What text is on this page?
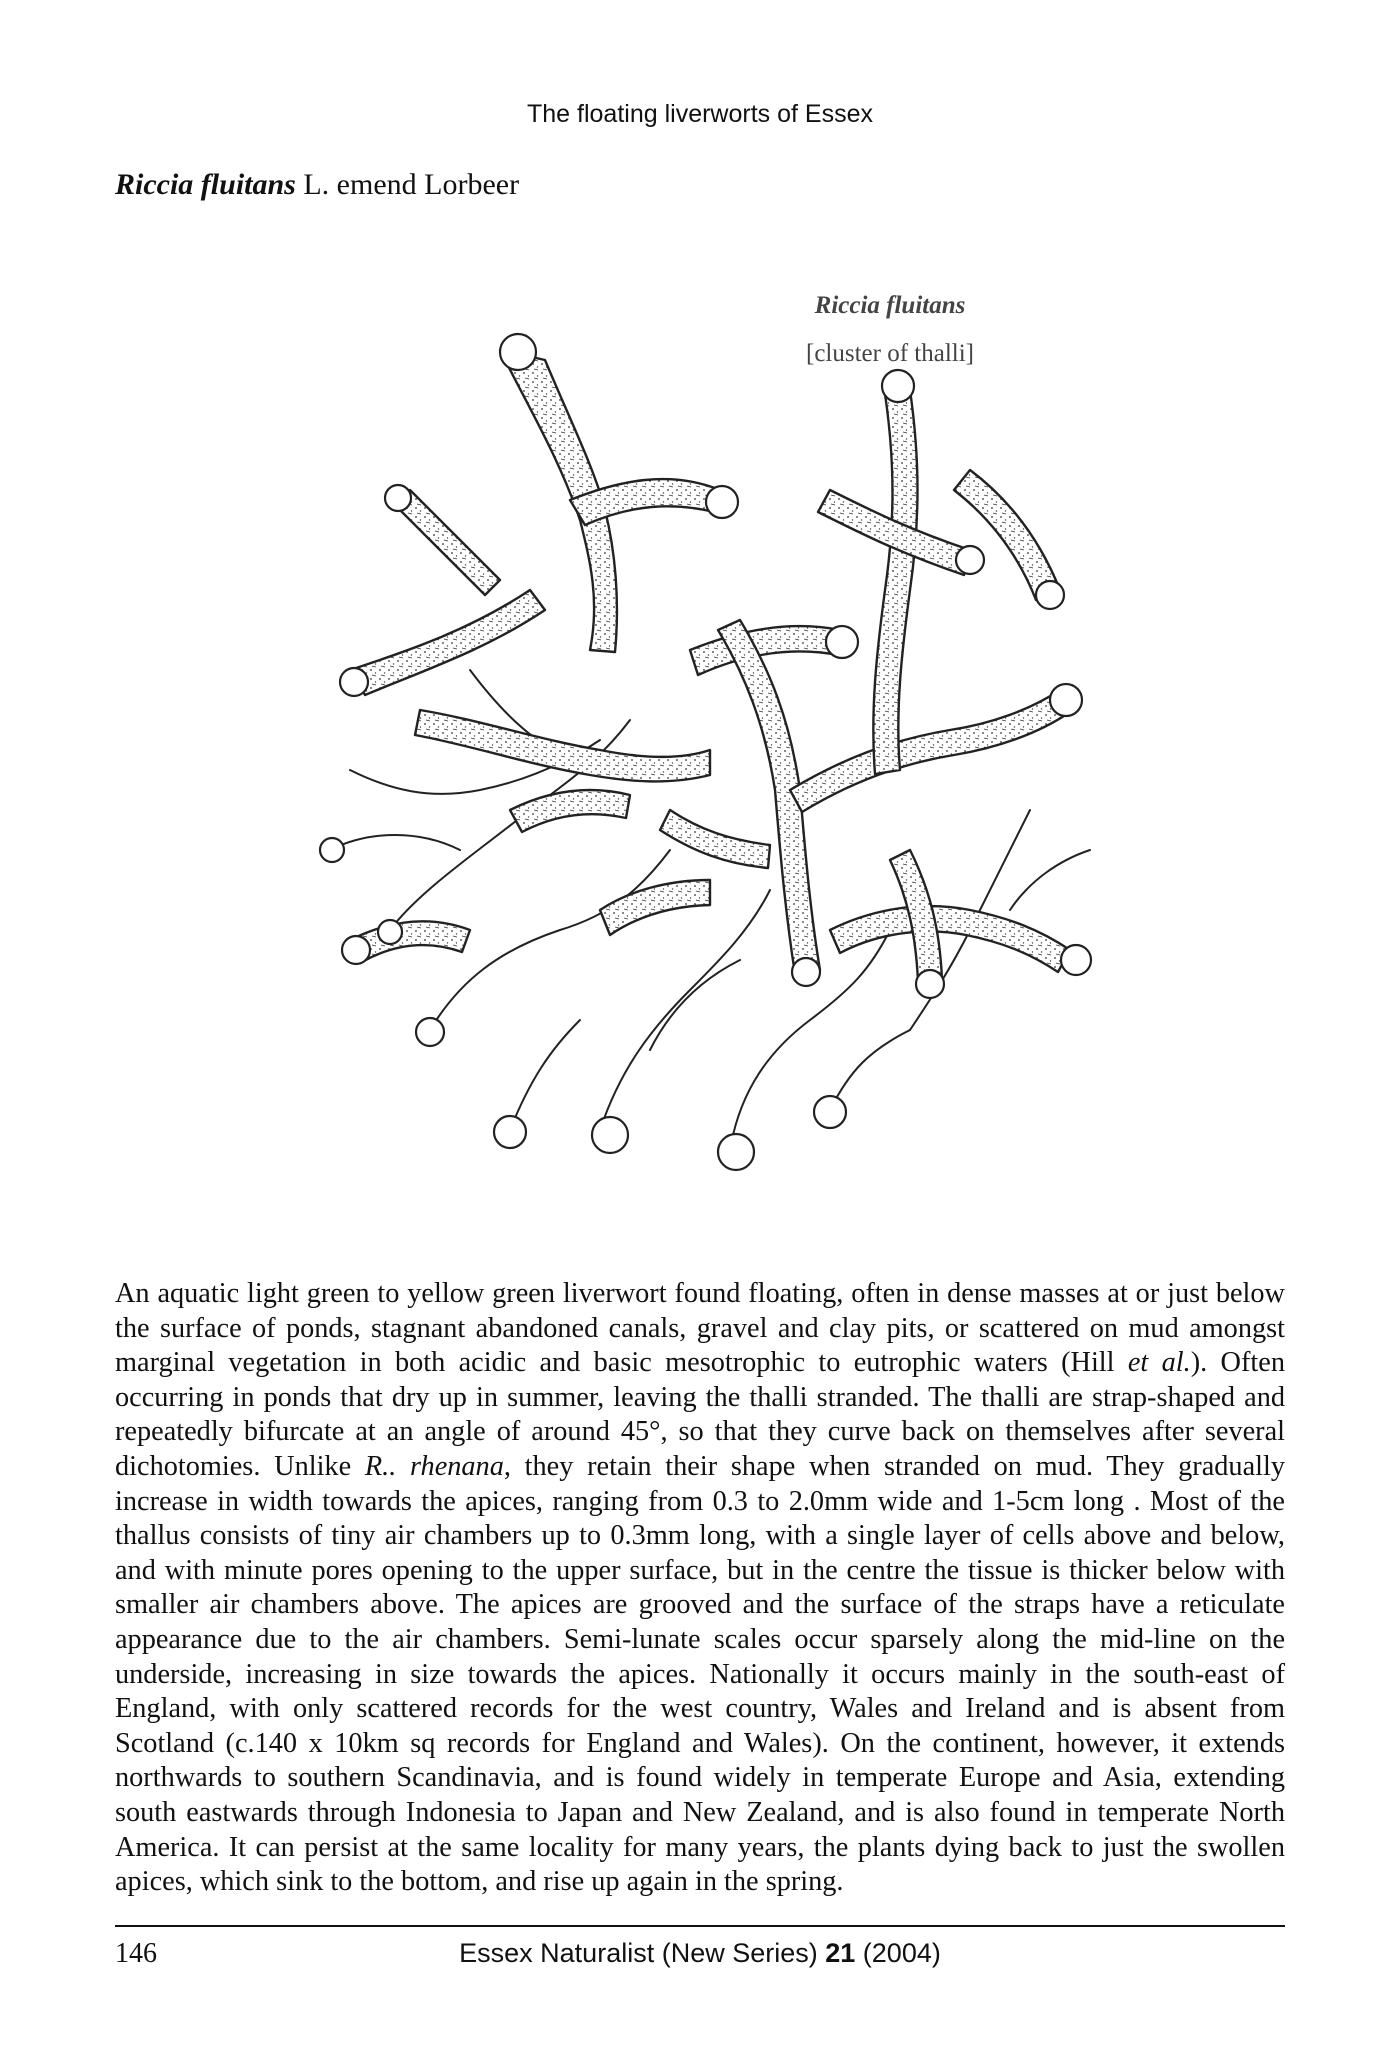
The floating liverworts of Essex
Riccia fluitans L. emend Lorbeer
Riccia fluitans
[cluster of thalli]
An aquatic light green to yellow green liverwort found floating, often in dense masses at or just below the surface of ponds, stagnant abandoned canals, gravel and clay pits, or scattered on mud amongst marginal vegetation in both acidic and basic mesotrophic to eutrophic waters (Hill et al.). Often occurring in ponds that dry up in summer, leaving the thalli stranded. The thalli are strap-shaped and repeatedly bifurcate at an angle of around 45°, so that they curve back on themselves after several dichotomies. Unlike R.. rhenana, they retain their shape when stranded on mud. They gradually increase in width towards the apices, ranging from 0.3 to 2.0mm wide and 1-5cm long . Most of the thallus consists of tiny air chambers up to 0.3mm long, with a single layer of cells above and below, and with minute pores opening to the upper surface, but in the centre the tissue is thicker below with smaller air chambers above. The apices are grooved and the surface of the straps have a reticulate appearance due to the air chambers. Semi-lunate scales occur sparsely along the mid-line on the underside, increasing in size towards the apices. Nationally it occurs mainly in the south-east of England, with only scattered records for the west country, Wales and Ireland and is absent from Scotland (c.140 x 10km sq records for England and Wales). On the continent, however, it extends northwards to southern Scandinavia, and is found widely in temperate Europe and Asia, extending south eastwards through Indonesia to Japan and New Zealand, and is also found in temperate North America. It can persist at the same locality for many years, the plants dying back to just the swollen apices, which sink to the bottom, and rise up again in the spring.
146	Essex Naturalist (New Series) 21 (2004)
